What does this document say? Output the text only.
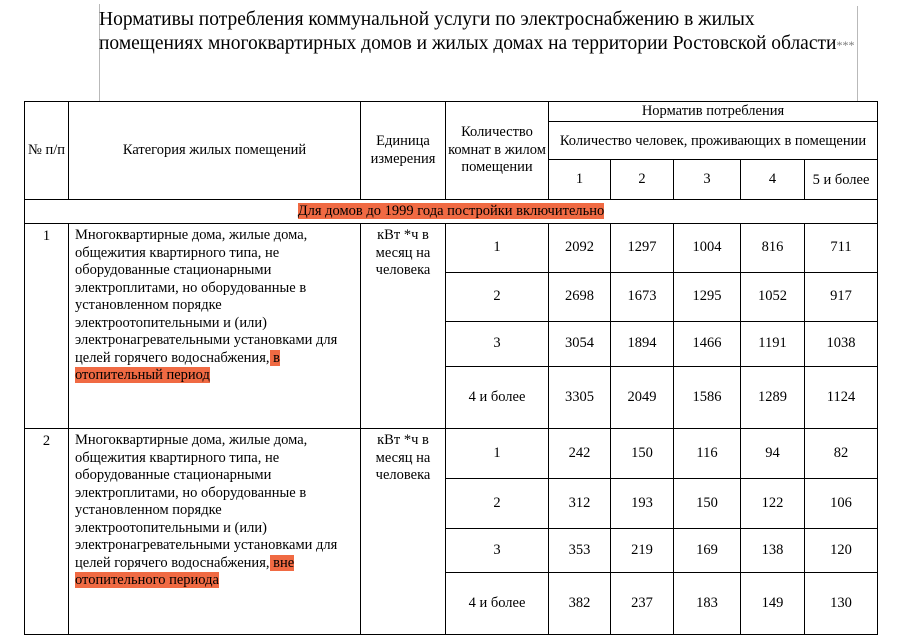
Нормативы потребления коммунальной услуги по электроснабжению в жилых помещениях многоквартирных домов и жилых домах на территории Ростовской области***
№ п/п	Категория жилых помещений	Единица измерения	Количество комнат в жилом помещении	Норматив потребления				
				Количество человек, проживающих в помещении				
				1	2	3	4	5 и более
Для домов до 1999 года постройки включительно								
1	Многоквартирные дома, жилые дома, общежития квартирного типа, не оборудованные стационарными электроплитами, но оборудованные в установленном порядке электроотопительными и (или) электронагревательными установками для целей горячего водоснабжения, в отопительный период	кВт *ч в месяц на человека	1	2092	1297	1004	816	711
			2	2698	1673	1295	1052	917
			3	3054	1894	1466	1191	1038
			4 и более	3305	2049	1586	1289	1124
2	Многоквартирные дома, жилые дома, общежития квартирного типа, не оборудованные стационарными электроплитами, но оборудованные в установленном порядке электроотопительными и (или) электронагревательными установками для целей горячего водоснабжения, вне отопительного периода	кВт *ч в месяц на человека	1	242	150	116	94	82
			2	312	193	150	122	106
			3	353	219	169	138	120
			4 и более	382	237	183	149	130
